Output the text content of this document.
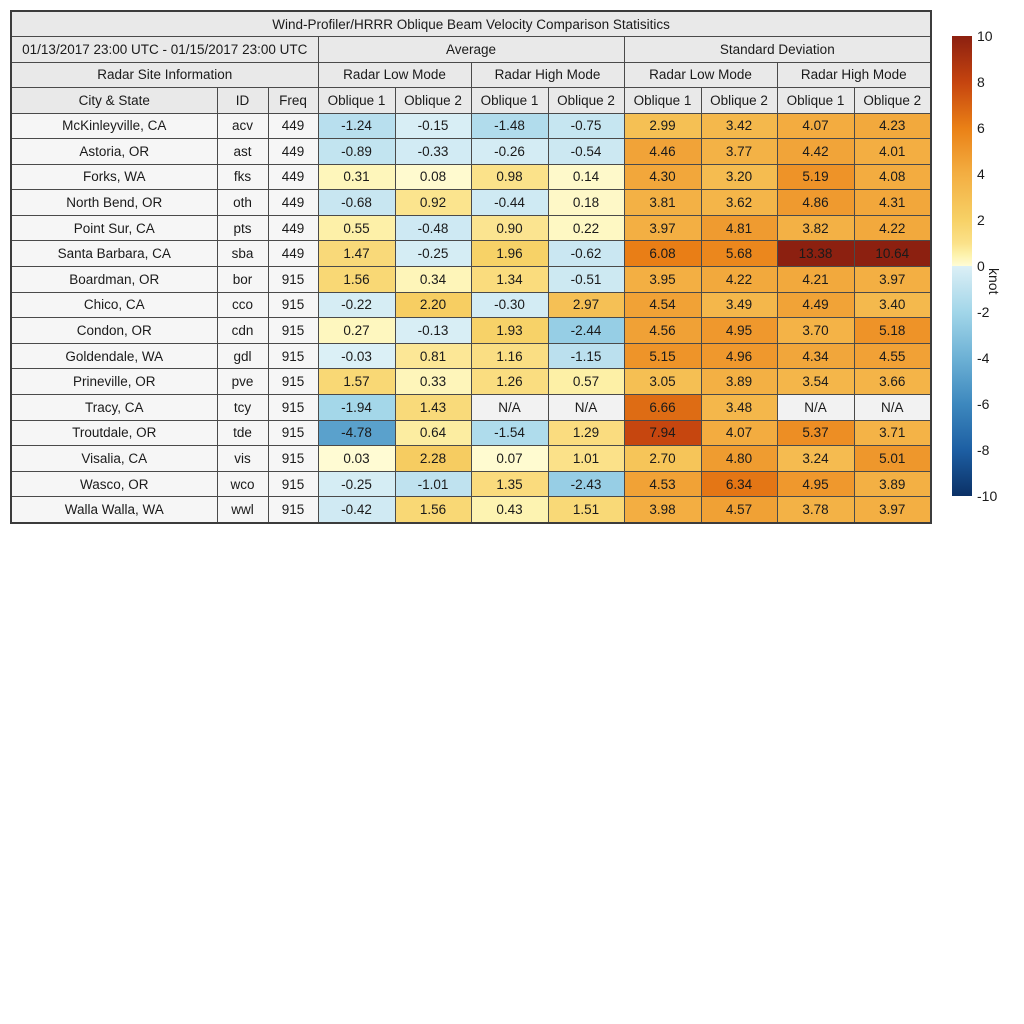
Wind-Profiler/HRRR Oblique Beam Velocity Comparison Statisitics										
01/13/2017 23:00 UTC - 01/15/2017 23:00 UTC			Average				Standard Deviation			
Radar Site Information			Radar Low Mode		Radar High Mode		Radar Low Mode		Radar High Mode	
City & State	ID	Freq	Oblique 1	Oblique 2	Oblique 1	Oblique 2	Oblique 1	Oblique 2	Oblique 1	Oblique 2
McKinleyville, CA	acv	449	-1.24	-0.15	-1.48	-0.75	2.99	3.42	4.07	4.23
Astoria, OR	ast	449	-0.89	-0.33	-0.26	-0.54	4.46	3.77	4.42	4.01
Forks, WA	fks	449	0.31	0.08	0.98	0.14	4.30	3.20	5.19	4.08
North Bend, OR	oth	449	-0.68	0.92	-0.44	0.18	3.81	3.62	4.86	4.31
Point Sur, CA	pts	449	0.55	-0.48	0.90	0.22	3.97	4.81	3.82	4.22
Santa Barbara, CA	sba	449	1.47	-0.25	1.96	-0.62	6.08	5.68	13.38	10.64
Boardman, OR	bor	915	1.56	0.34	1.34	-0.51	3.95	4.22	4.21	3.97
Chico, CA	cco	915	-0.22	2.20	-0.30	2.97	4.54	3.49	4.49	3.40
Condon, OR	cdn	915	0.27	-0.13	1.93	-2.44	4.56	4.95	3.70	5.18
Goldendale, WA	gdl	915	-0.03	0.81	1.16	-1.15	5.15	4.96	4.34	4.55
Prineville, OR	pve	915	1.57	0.33	1.26	0.57	3.05	3.89	3.54	3.66
Tracy, CA	tcy	915	-1.94	1.43	N/A	N/A	6.66	3.48	N/A	N/A
Troutdale, OR	tde	915	-4.78	0.64	-1.54	1.29	7.94	4.07	5.37	3.71
Visalia, CA	vis	915	0.03	2.28	0.07	1.01	2.70	4.80	3.24	5.01
Wasco, OR	wco	915	-0.25	-1.01	1.35	-2.43	4.53	6.34	4.95	3.89
Walla Walla, WA	wwl	915	-0.42	1.56	0.43	1.51	3.98	4.57	3.78	3.97
10
8
6
4
2
0
-2
-4
-6
-8
-10
knot
